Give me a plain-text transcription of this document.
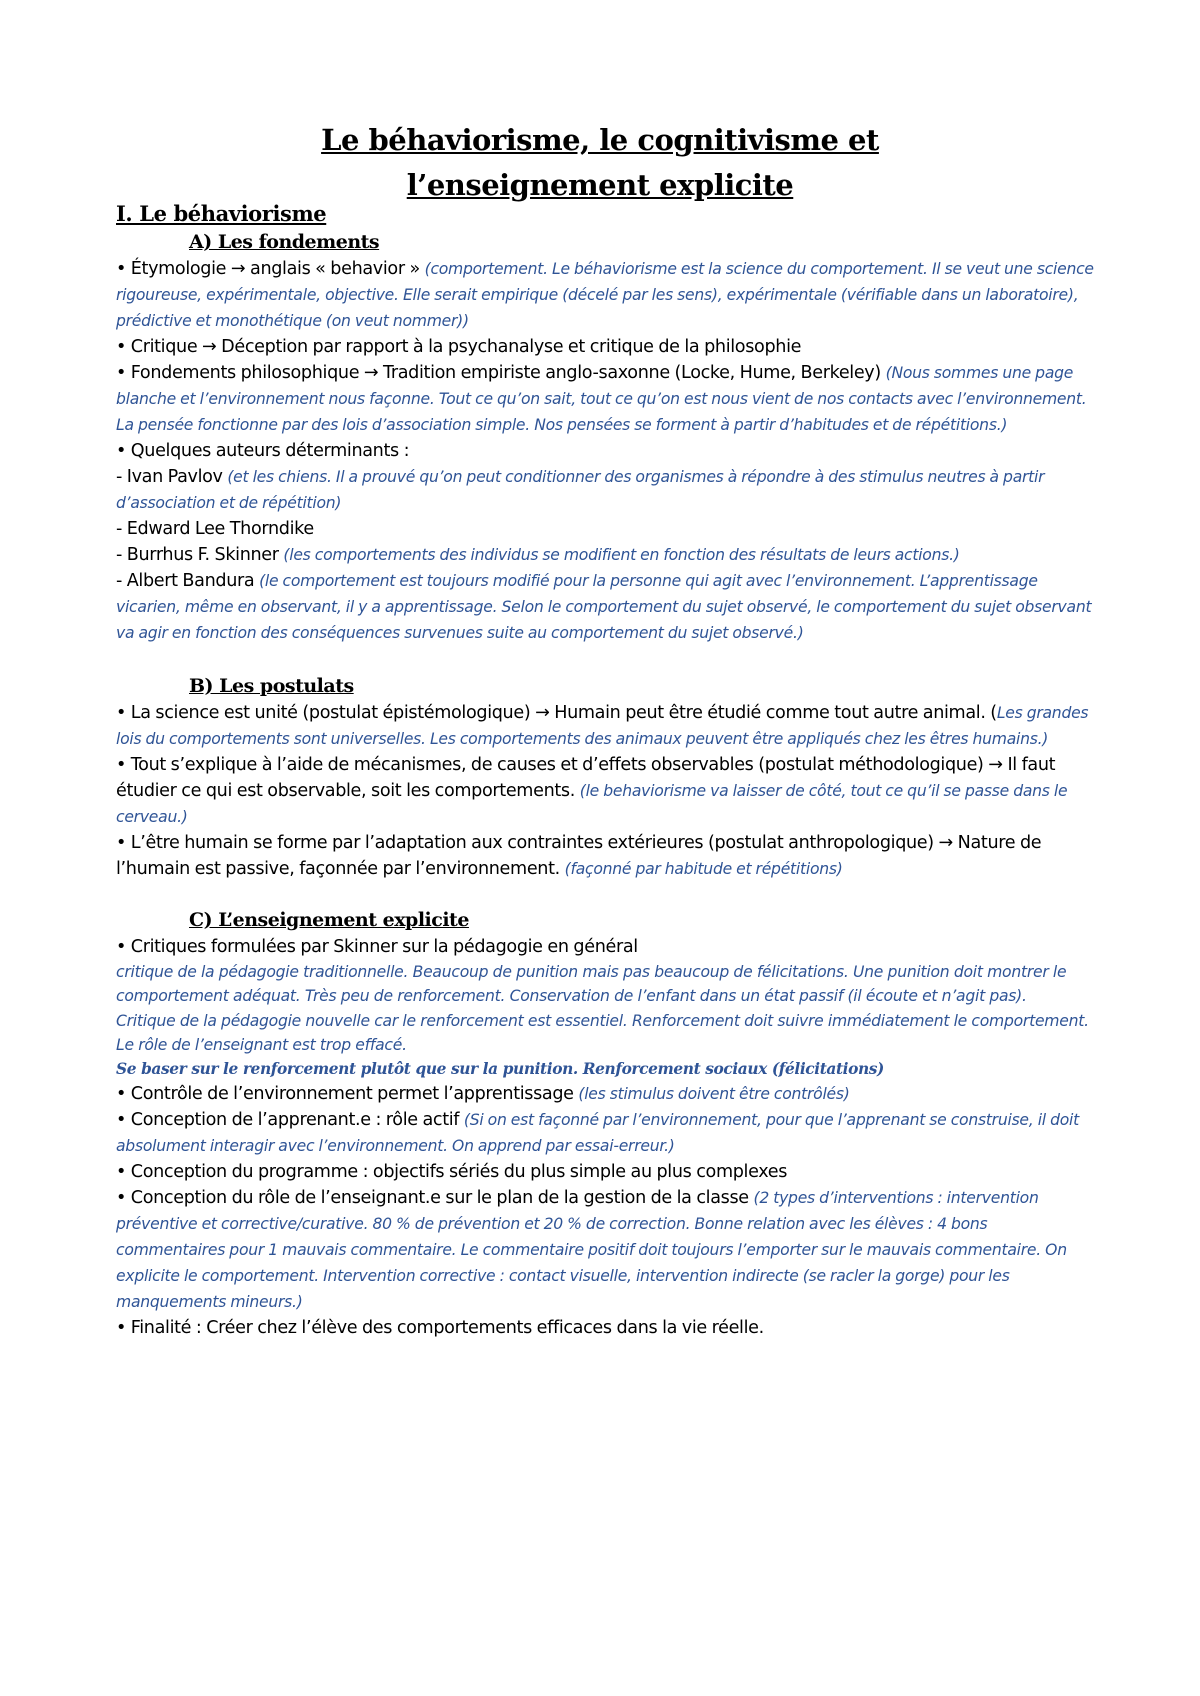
Le béhaviorisme, le cognitivisme et
l’enseignement explicite

I. Le béhaviorisme

A) Les fondements

• Étymologie → anglais « behavior » (comportement. Le béhaviorisme est la science du comportement. Il se veut une science rigoureuse, expérimentale, objective. Elle serait empirique (décelé par les sens), expérimentale (vérifiable dans un laboratoire), prédictive et monothétique (on veut nommer))

• Critique → Déception par rapport à la psychanalyse et critique de la philosophie

• Fondements philosophique → Tradition empiriste anglo-saxonne (Locke, Hume, Berkeley) (Nous sommes une page blanche et l’environnement nous façonne. Tout ce qu’on sait, tout ce qu’on est nous vient de nos contacts avec l’environnement. La pensée fonctionne par des lois d’association simple. Nos pensées se forment à partir d’habitudes et de répétitions.)

• Quelques auteurs déterminants :

- Ivan Pavlov (et les chiens. Il a prouvé qu’on peut conditionner des organismes à répondre à des stimulus neutres à partir d’association et de répétition)

- Edward Lee Thorndike

- Burrhus F. Skinner (les comportements des individus se modifient en fonction des résultats de leurs actions.)

- Albert Bandura (le comportement est toujours modifié pour la personne qui agit avec l’environnement. L’apprentissage vicarien, même en observant, il y a apprentissage. Selon le comportement du sujet observé, le comportement du sujet observant va agir en fonction des conséquences survenues suite au comportement du sujet observé.)

B) Les postulats

• La science est unité (postulat épistémologique) → Humain peut être étudié comme tout autre animal. (Les grandes lois du comportements sont universelles. Les comportements des animaux peuvent être appliqués chez les êtres humains.)

• Tout s’explique à l’aide de mécanismes, de causes et d’effets observables (postulat méthodologique) → Il faut étudier ce qui est observable, soit les comportements. (le behaviorisme va laisser de côté, tout ce qu’il se passe dans le cerveau.)

• L’être humain se forme par l’adaptation aux contraintes extérieures (postulat anthropologique) → Nature de l’humain est passive, façonnée par l’environnement. (façonné par habitude et répétitions)

C) L’enseignement explicite

• Critiques formulées par Skinner sur la pédagogie en général

critique de la pédagogie traditionnelle. Beaucoup de punition mais pas beaucoup de félicitations. Une punition doit montrer le comportement adéquat. Très peu de renforcement. Conservation de l’enfant dans un état passif (il écoute et n’agit pas).

Critique de la pédagogie nouvelle car le renforcement est essentiel. Renforcement doit suivre immédiatement le comportement. Le rôle de l’enseignant est trop effacé.

Se baser sur le renforcement plutôt que sur la punition. Renforcement sociaux (félicitations)

• Contrôle de l’environnement permet l’apprentissage (les stimulus doivent être contrôlés)

• Conception de l’apprenant.e : rôle actif (Si on est façonné par l’environnement, pour que l’apprenant se construise, il doit absolument interagir avec l’environnement. On apprend par essai-erreur.)

• Conception du programme : objectifs sériés du plus simple au plus complexes

• Conception du rôle de l’enseignant.e sur le plan de la gestion de la classe (2 types d’interventions : intervention préventive et corrective/curative. 80 % de prévention et 20 % de correction. Bonne relation avec les élèves : 4 bons commentaires pour 1 mauvais commentaire. Le commentaire positif doit toujours l’emporter sur le mauvais commentaire. On explicite le comportement. Intervention corrective : contact visuelle, intervention indirecte (se racler la gorge) pour les manquements mineurs.)

• Finalité : Créer chez l’élève des comportements efficaces dans la vie réelle.
